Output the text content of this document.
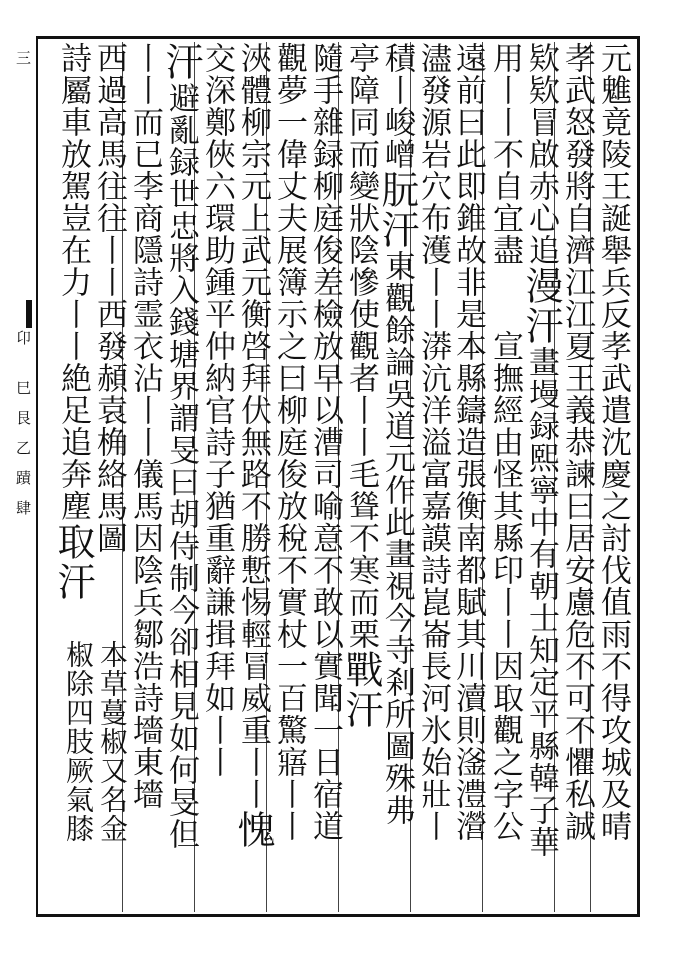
三
卬
巳
艮
乙
蹟
肆	元魋竟陵王誕舉兵反孝武遣沈慶之討伐值雨不得攻城及晴
孝武怒發將自濟江江夏王義恭諫曰居安慮危不可不懼私誠
欵欵冒啟赤心追漫汗畫墁録熙寧中有朝士知定平縣韓子華
用丨丨不自宜盡宣撫經由怪其縣印丨丨因取觀之字公
遠前曰此即錐故非是本縣鑄造張衡南都賦其川瀆則滏澧瀯
濜發源岩穴布濩丨丨漭沆洋溢富嘉謨詩崑崙長河氷始壯丨
積丨峻嶒朊汗東觀餘論吳道元作此畫視今寺剎所圖殊弗
亭障同而變狀陰慘使觀者丨丨毛聳不寒而栗戰汗
隨手雜録柳庭俊差檢放早以漕司喻意不敢以實聞一日宿道
觀夢一偉丈夫展簿示之曰柳庭俊放稅不實杖一百驚寤丨丨
浹體柳宗元上武元衡啓拜伏無路不勝慙惕輕冒威重丨丨愧
交深鄭俠六環助鍾平仲納官詩子猶重辭謙揖拜如丨丨
汗避亂録世忠將入錢塘界謂旻曰胡侍制今卻相見如何旻但
丨丨而已李商隱詩霊衣沾丨丨儀馬因陰兵鄒浩詩墻東墻
西過高馬往往丨丨西發頳袁桷絡馬圖
詩屬車放駕豈在力丨丨絶足追奔塵取汗
本草蔓椒又名金
椒除四肢厥氣膝
